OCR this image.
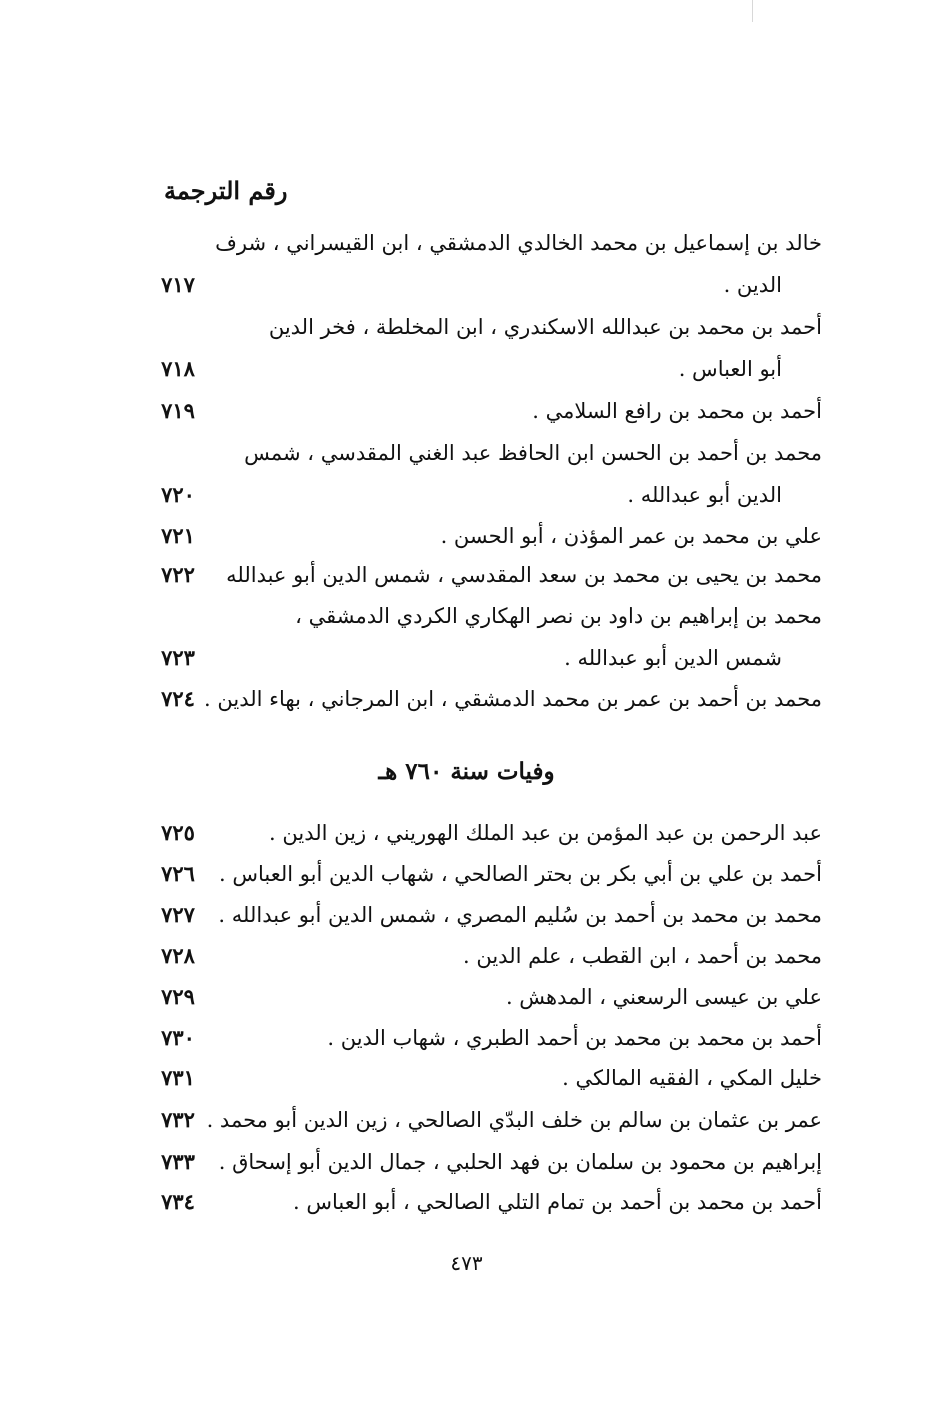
رقم الترجمة
خالد بن إسماعيل بن محمد الخالدي الدمشقي ، ابن القيسراني ، شرف
الدين .
٧١٧
أحمد بن محمد بن عبدالله الاسكندري ، ابن المخلطة ، فخر الدين
أبو العباس .
٧١٨
أحمد بن محمد بن رافع السلامي .
٧١٩
محمد بن أحمد بن الحسن ابن الحافظ عبد الغني المقدسي ، شمس
الدين أبو عبدالله .
٧٢٠
علي بن محمد بن عمر المؤذن ، أبو الحسن .
٧٢١
محمد بن يحيى بن محمد بن سعد المقدسي ، شمس الدين أبو عبدالله
٧٢٢
محمد بن إبراهيم بن داود بن نصر الهكاري الكردي الدمشقي ،
شمس الدين أبو عبدالله .
٧٢٣
محمد بن أحمد بن عمر بن محمد الدمشقي ، ابن المرجاني ، بهاء الدين .
٧٢٤
وفيات سنة ٧٦٠ هـ
عبد الرحمن بن عبد المؤمن بن عبد الملك الهوريني ، زين الدين .
٧٢٥
أحمد بن علي بن أبي بكر بن بحتر الصالحي ، شهاب الدين أبو العباس .
٧٢٦
محمد بن محمد بن أحمد بن سُليم المصري ، شمس الدين أبو عبدالله .
٧٢٧
محمد بن أحمد ، ابن القطب ، علم الدين .
٧٢٨
علي بن عيسى الرسعني ، المدهش .
٧٢٩
أحمد بن محمد بن محمد بن أحمد الطبري ، شهاب الدين .
٧٣٠
خليل المكي ، الفقيه المالكي .
٧٣١
عمر بن عثمان بن سالم بن خلف البدّي الصالحي ، زين الدين أبو محمد .
٧٣٢
إبراهيم بن محمود بن سلمان بن فهد الحلبي ، جمال الدين أبو إسحاق .
٧٣٣
أحمد بن محمد بن أحمد بن تمام التلي الصالحي ، أبو العباس .
٧٣٤
٤٧٣
